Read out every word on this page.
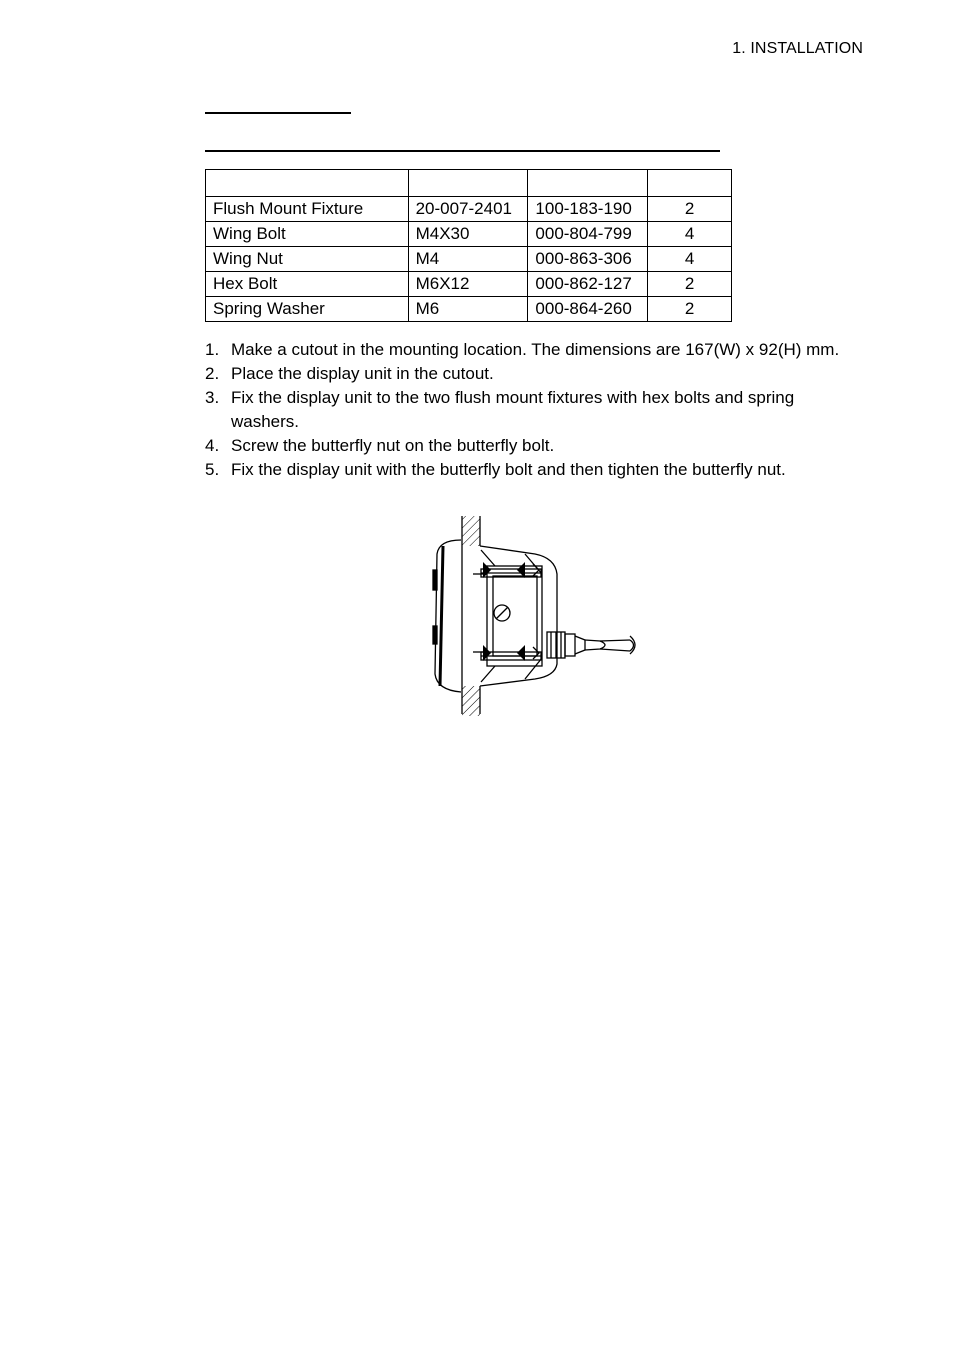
1. INSTALLATION

Flush Mount Fixture	20-007-2401	100-183-190	2
Wing Bolt	M4X30	000-804-799	4
Wing Nut	M4	000-863-306	4
Hex Bolt	M6X12	000-862-127	2
Spring Washer	M6	000-864-260	2
1. Make a cutout in the mounting location. The dimensions are 167(W) x 92(H) mm.
2. Place the display unit in the cutout.
3. Fix the display unit to the two flush mount fixtures with hex bolts and spring washers.
4. Screw the butterfly nut on the butterfly bolt.
5. Fix the display unit with the butterfly bolt and then tighten the butterfly nut.
